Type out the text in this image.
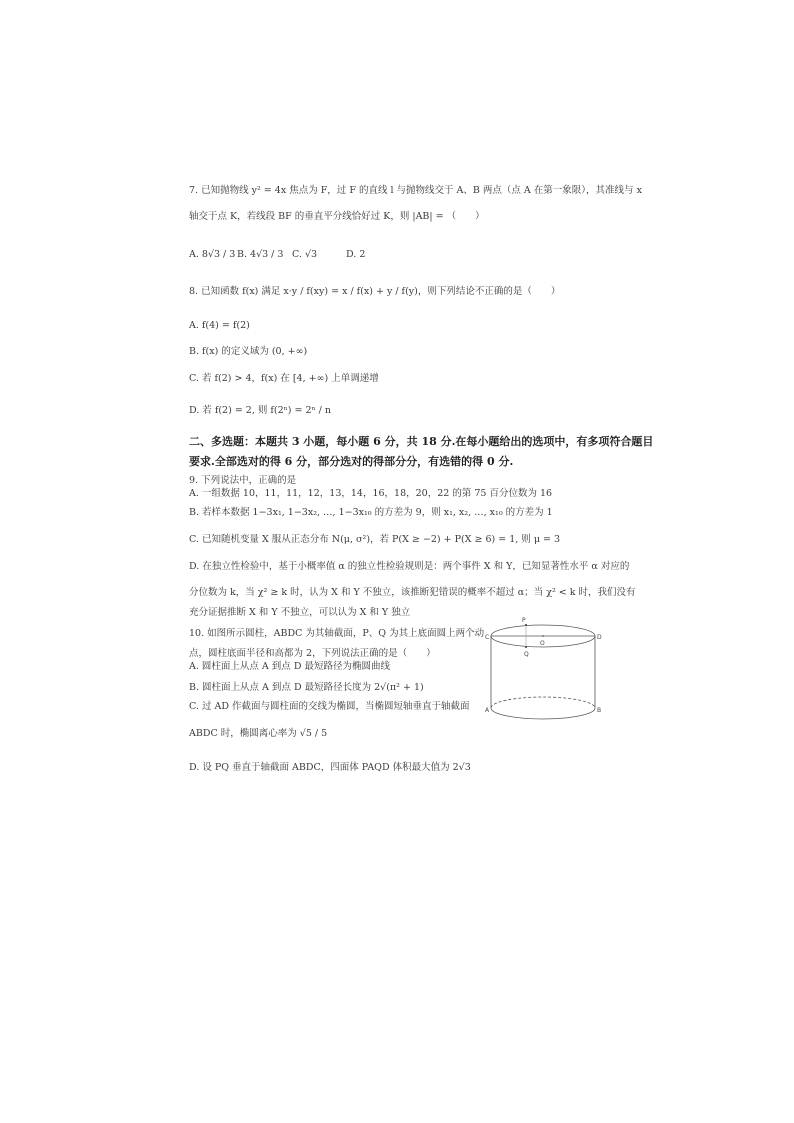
7. 已知抛物线 y² = 4x 焦点为 F，过 F 的直线 l 与抛物线交于 A、B 两点（点 A 在第一象限），其准线与 x
轴交于点 K，若线段 BF 的垂直平分线恰好过 K，则 |AB| = （　　）
A. 8√3 / 3 B. 4√3 / 3 C. √3	D. 2
8. 已知函数 f(x) 满足 x·y / f(xy) = x / f(x) + y / f(y)，则下列结论不正确的是（　　）
A. f(4) = f(2)
B. f(x) 的定义域为 (0, +∞)
C. 若 f(2) > 4，f(x) 在 [4, +∞) 上单调递增
D. 若 f(2) = 2, 则 f(2ⁿ) = 2ⁿ / n
二、多选题：本题共 3 小题，每小题 6 分，共 18 分.在每小题给出的选项中，有多项符合题目
要求.全部选对的得 6 分，部分选对的得部分分，有选错的得 0 分.
9. 下列说法中，正确的是
A. 一组数据 10，11，11，12，13，14，16，18，20，22 的第 75 百分位数为 16
B. 若样本数据 1−3x₁, 1−3x₂, …, 1−3x₁₀ 的方差为 9，则 x₁, x₂, …, x₁₀ 的方差为 1
C. 已知随机变量 X 服从正态分布 N(μ, σ²)，若 P(X ≥ −2) + P(X ≥ 6) = 1, 则 μ = 3
D. 在独立性检验中，基于小概率值 α 的独立性检验规则是：两个事件 X 和 Y，已知显著性水平 α 对应的
分位数为 k，当 χ² ≥ k 时，认为 X 和 Y 不独立，该推断犯错误的概率不超过 α；当 χ² < k 时，我们没有
充分证据推断 X 和 Y 不独立，可以认为 X 和 Y 独立
10. 如图所示圆柱，ABDC 为其轴截面，P、Q 为其上底面圆上两个动
点，圆柱底面半径和高都为 2，下列说法正确的是（　　）
A. 圆柱面上从点 A 到点 D 最短路径为椭圆曲线
B. 圆柱面上从点 A 到点 D 最短路径长度为 2√(π² + 1)
C. 过 AD 作截面与圆柱面的交线为椭圆，当椭圆短轴垂直于轴截面
ABDC 时，椭圆离心率为 √5 / 5
D. 设 PQ 垂直于轴截面 ABDC，四面体 PAQD 体积最大值为 2√3
P
C
O
D
Q
A	B
